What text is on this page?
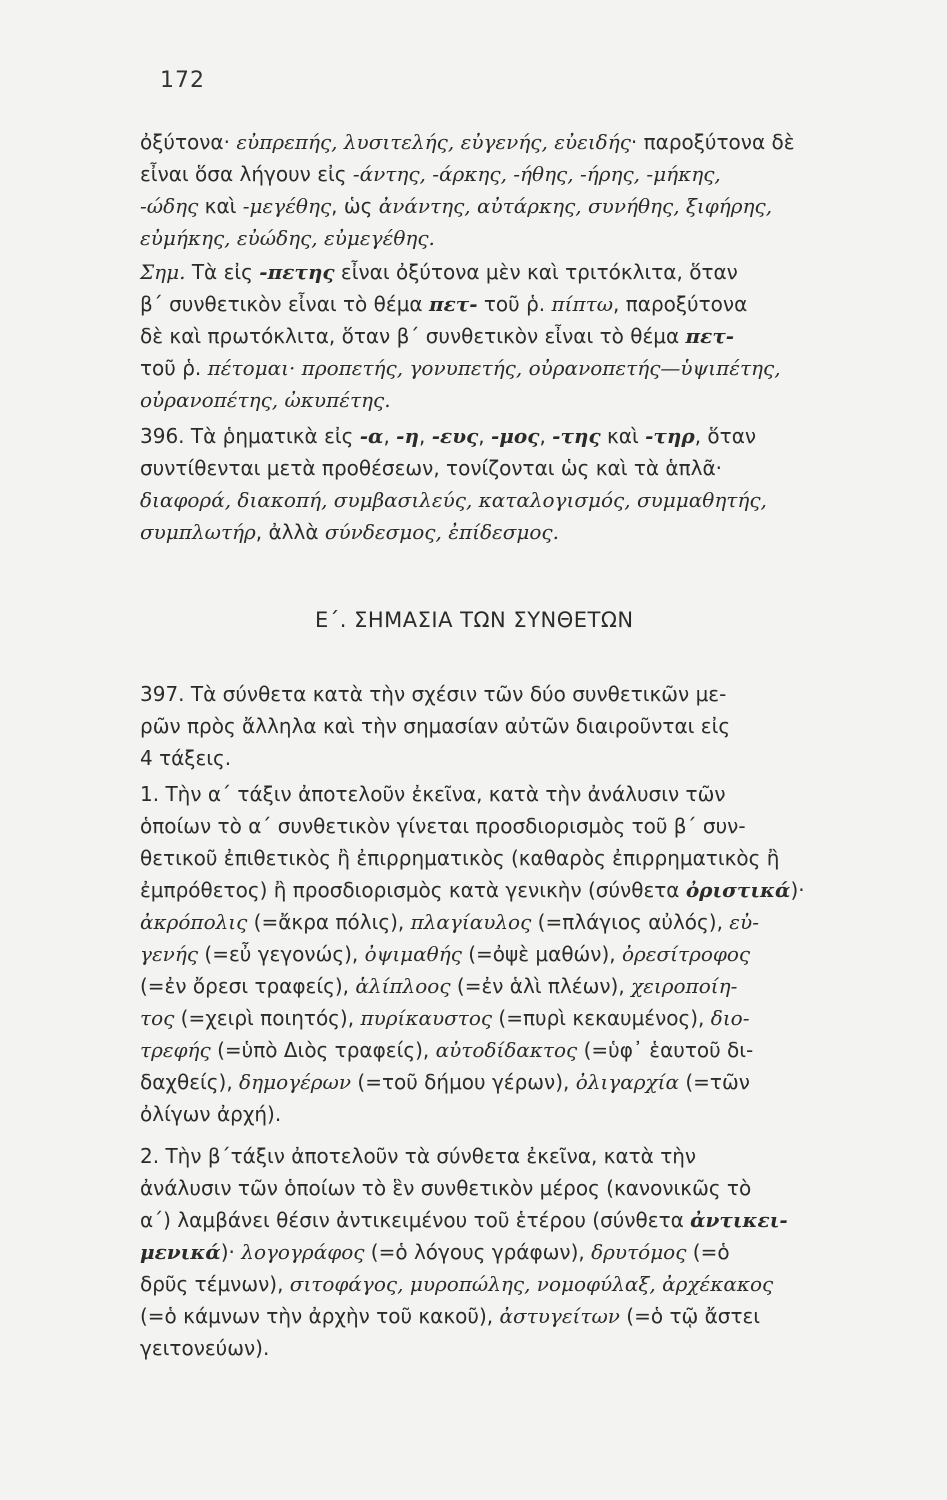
172
ὀξύτονα· εὐπρεπής, λυσιτελής, εὐγενής, εὐειδής· παροξύτονα δὲ
εἶναι ὅσα λήγουν εἰς -άντης, -άρκης, -ήθης, -ήρης, -μήκης,
-ώδης καὶ -μεγέθης, ὡς ἀνάντης, αὐτάρκης, συνήθης, ξιφήρης,
εὐμήκης, εὐώδης, εὐμεγέθης.
Σημ. Τὰ εἰς -πετης εἶναι ὀξύτονα μὲν καὶ τριτόκλιτα, ὅταν
β΄ συνθετικὸν εἶναι τὸ θέμα πετ- τοῦ ῥ. πίπτω, παροξύτονα
δὲ καὶ πρωτόκλιτα, ὅταν β΄ συνθετικὸν εἶναι τὸ θέμα πετ-
τοῦ ῥ. πέτομαι· προπετής, γονυπετής, οὐρανοπετής—ὑψιπέτης,
οὐρανοπέτης, ὠκυπέτης.
396. Τὰ ῥηματικὰ εἰς -α, -η, -ευς, -μος, -της καὶ -τηρ, ὅταν
συντίθενται μετὰ προθέσεων, τονίζονται ὡς καὶ τὰ ἁπλᾶ·
διαφορά, διακοπή, συμβασιλεύς, καταλογισμός, συμμαθητής,
συμπλωτήρ, ἀλλὰ σύνδεσμος, ἐπίδεσμος.
397. Τὰ σύνθετα κατὰ τὴν σχέσιν τῶν δύο συνθετικῶν με-
ρῶν πρὸς ἄλληλα καὶ τὴν σημασίαν αὐτῶν διαιροῦνται εἰς
4 τάξεις.
1. Τὴν α΄ τάξιν ἀποτελοῦν ἐκεῖνα, κατὰ τὴν ἀνάλυσιν τῶν
ὁποίων τὸ α΄ συνθετικὸν γίνεται προσδιορισμὸς τοῦ β΄ συν-
θετικοῦ ἐπιθετικὸς ἢ ἐπιρρηματικὸς (καθαρὸς ἐπιρρηματικὸς ἢ
ἐμπρόθετος) ἢ προσδιορισμὸς κατὰ γενικὴν (σύνθετα ὀριστικά)·
ἀκρόπολις (=ἄκρα πόλις), πλαγίαυλος (=πλάγιος αὐλός), εὐ-
γενής (=εὖ γεγονώς), ὀψιμαθής (=ὀψὲ μαθών), ὀρεσίτροφος
(=ἐν ὄρεσι τραφείς), ἁλίπλοος (=ἐν ἁλὶ πλέων), χειροποίη-
τος (=χειρὶ ποιητός), πυρίκαυστος (=πυρὶ κεκαυμένος), διο-
τρεφής (=ὑπὸ Διὸς τραφείς), αὐτοδίδακτος (=ὑφ᾽ ἑαυτοῦ δι-
δαχθείς), δημογέρων (=τοῦ δήμου γέρων), ὀλιγαρχία (=τῶν
ὀλίγων ἀρχή).
2. Τὴν β΄τάξιν ἀποτελοῦν τὰ σύνθετα ἐκεῖνα, κατὰ τὴν
ἀνάλυσιν τῶν ὁποίων τὸ ἓν συνθετικὸν μέρος (κανονικῶς τὸ
α΄) λαμβάνει θέσιν ἀντικειμένου τοῦ ἑτέρου (σύνθετα ἀντικει-
μενικά)· λογογράφος (=ὁ λόγους γράφων), δρυτόμος (=ὁ
δρῦς τέμνων), σιτοφάγος, μυροπώλης, νομοφύλαξ, ἀρχέκακος
(=ὁ κάμνων τὴν ἀρχὴν τοῦ κακοῦ), ἀστυγείτων (=ὁ τῷ ἄστει
γειτονεύων).
Ε΄. ΣΗΜΑΣΙΑ ΤΩΝ ΣΥΝΘΕΤΩΝ
